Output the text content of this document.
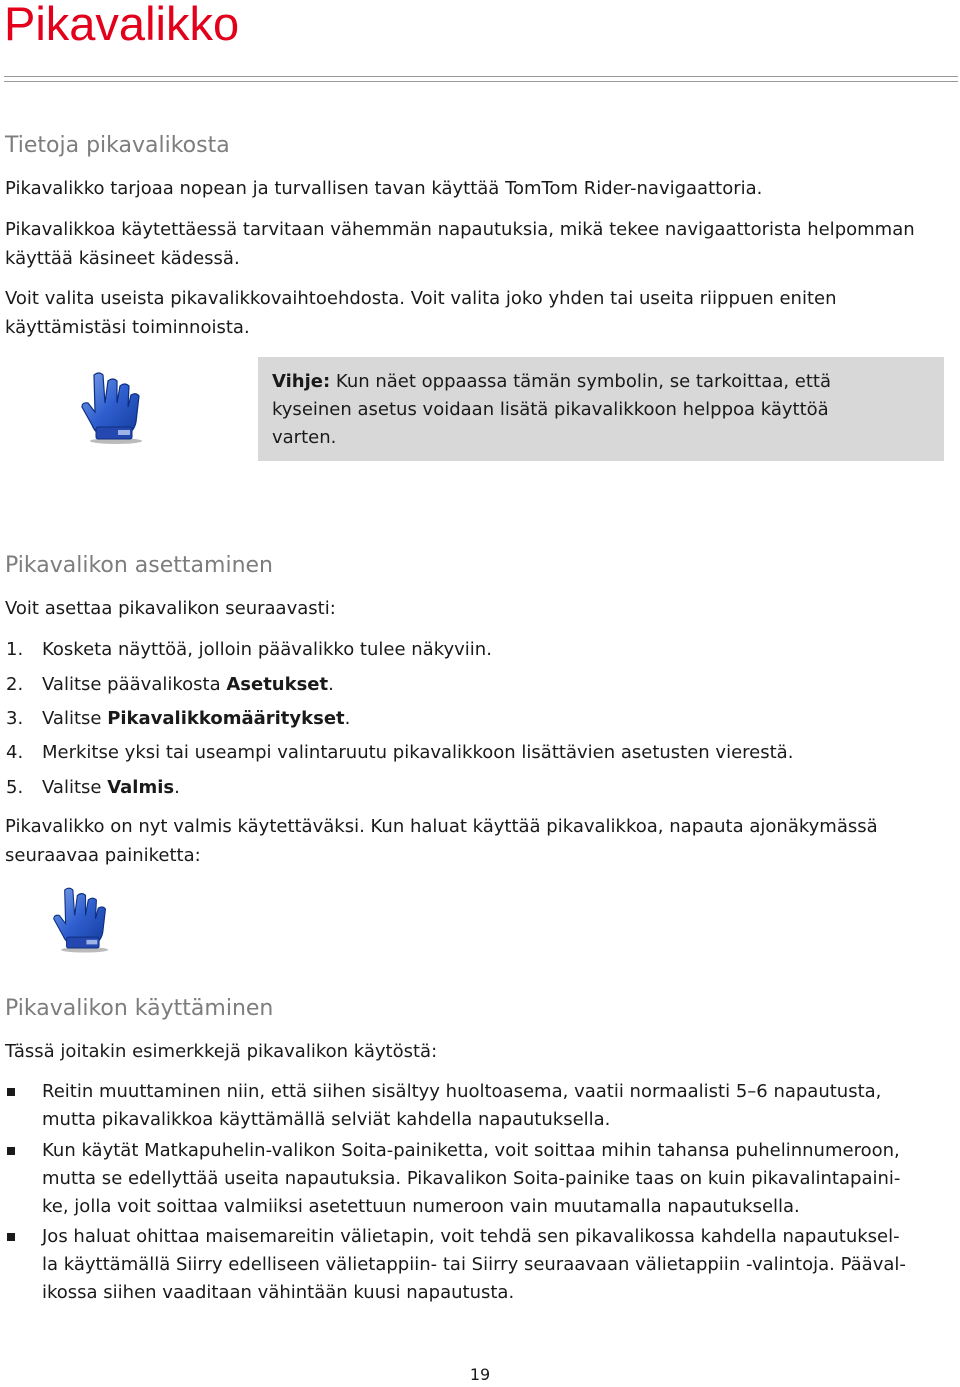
Pikavalikko
Tietoja pikavalikosta

Pikavalikko tarjoaa nopean ja turvallisen tavan käyttää TomTom Rider-navigaattoria.

Pikavalikkoa käytettäessä tarvitaan vähemmän napautuksia, mikä tekee navigaattorista helpomman
käyttää käsineet kädessä.

Voit valita useista pikavalikkovaihtoehdosta. Voit valita joko yhden tai useita riippuen eniten
käyttämistäsi toiminnoista.

Vihje: Kun näet oppaassa tämän symbolin, se tarkoittaa, että
kyseinen asetus voidaan lisätä pikavalikkoon helppoa käyttöä
varten.

Pikavalikon asettaminen

Voit asettaa pikavalikon seuraavasti:

1. Kosketa näyttöä, jolloin päävalikko tulee näkyviin.
2. Valitse päävalikosta Asetukset.
3. Valitse Pikavalikkomääritykset.
4. Merkitse yksi tai useampi valintaruutu pikavalikkoon lisättävien asetusten vierestä.
5. Valitse Valmis.

Pikavalikko on nyt valmis käytettäväksi. Kun haluat käyttää pikavalikkoa, napauta ajonäkymässä
seuraavaa painiketta:

Pikavalikon käyttäminen

Tässä joitakin esimerkkejä pikavalikon käytöstä:

Reitin muuttaminen niin, että siihen sisältyy huoltoasema, vaatii normaalisti 5–6 napautusta,
mutta pikavalikkoa käyttämällä selviät kahdella napautuksella.

Kun käytät Matkapuhelin-valikon Soita-painiketta, voit soittaa mihin tahansa puhelinnumeroon,
mutta se edellyttää useita napautuksia. Pikavalikon Soita-painike taas on kuin pikavalintapaini-
ke, jolla voit soittaa valmiiksi asetettuun numeroon vain muutamalla napautuksella.

Jos haluat ohittaa maisemareitin välietapin, voit tehdä sen pikavalikossa kahdella napautuksel-
la käyttämällä Siirry edelliseen välietappiin- tai Siirry seuraavaan välietappiin -valintoja. Pääval-
ikossa siihen vaaditaan vähintään kuusi napautusta.

19
